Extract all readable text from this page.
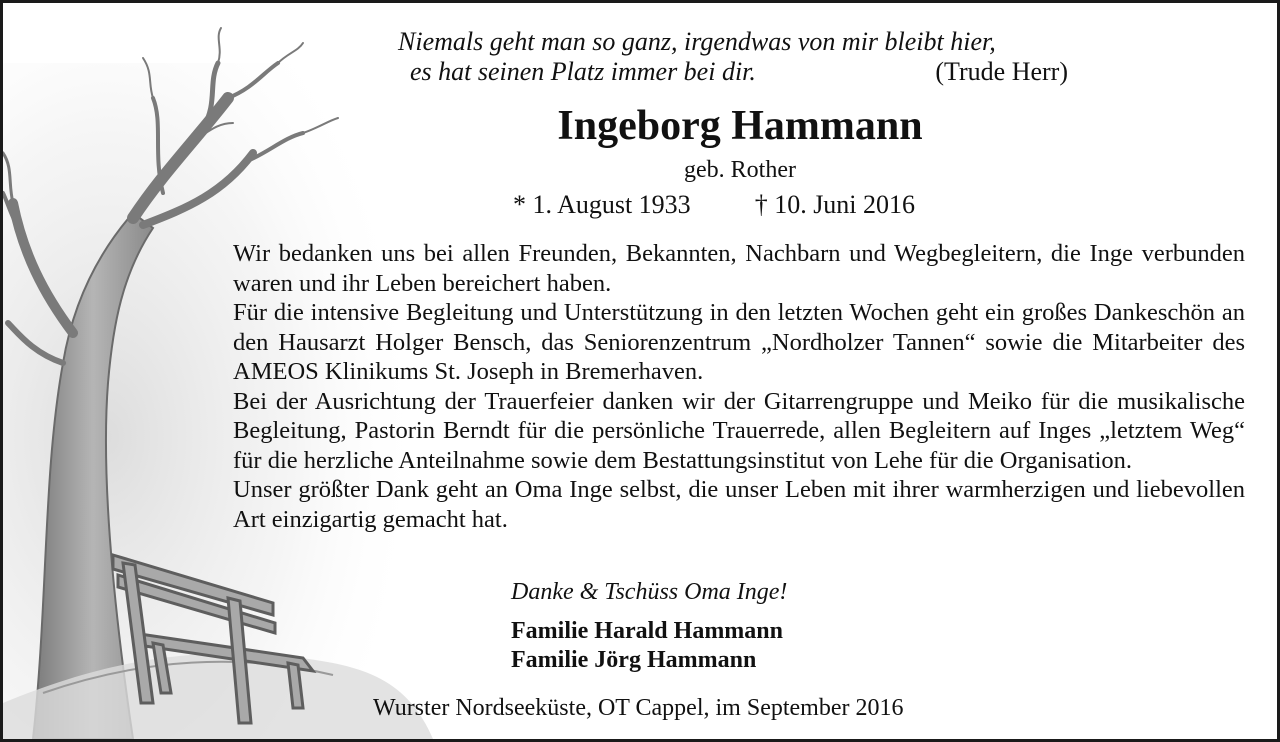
Niemals geht man so ganz, irgendwas von mir bleibt hier,
es hat seinen Platz immer bei dir.	(Trude Herr)
Ingeborg Hammann
geb. Rother
* 1. August 1933 † 10. Juni 2016

Wir bedanken uns bei allen Freunden, Bekannten, Nachbarn und Wegbegleitern, die Inge verbunden waren und ihr Leben bereichert haben.

Für die intensive Begleitung und Unterstützung in den letzten Wochen geht ein großes Dankeschön an den Hausarzt Holger Bensch, das Seniorenzentrum „Nordholzer Tannen“ sowie die Mitarbeiter des AMEOS Klinikums St. Joseph in Bremerhaven.

Bei der Ausrichtung der Trauerfeier danken wir der Gitarrengruppe und Meiko für die musikalische Begleitung, Pastorin Berndt für die persönliche Trauerrede, allen Begleitern auf Inges „letztem Weg“ für die herzliche Anteilnahme sowie dem Bestattungsinstitut von Lehe für die Organisation.

Unser größter Dank geht an Oma Inge selbst, die unser Leben mit ihrer warmherzigen und liebevollen Art einzigartig gemacht hat.

Danke & Tschüss Oma Inge!
Familie Harald Hammann
Familie Jörg Hammann
Wurster Nordseeküste, OT Cappel, im September 2016
